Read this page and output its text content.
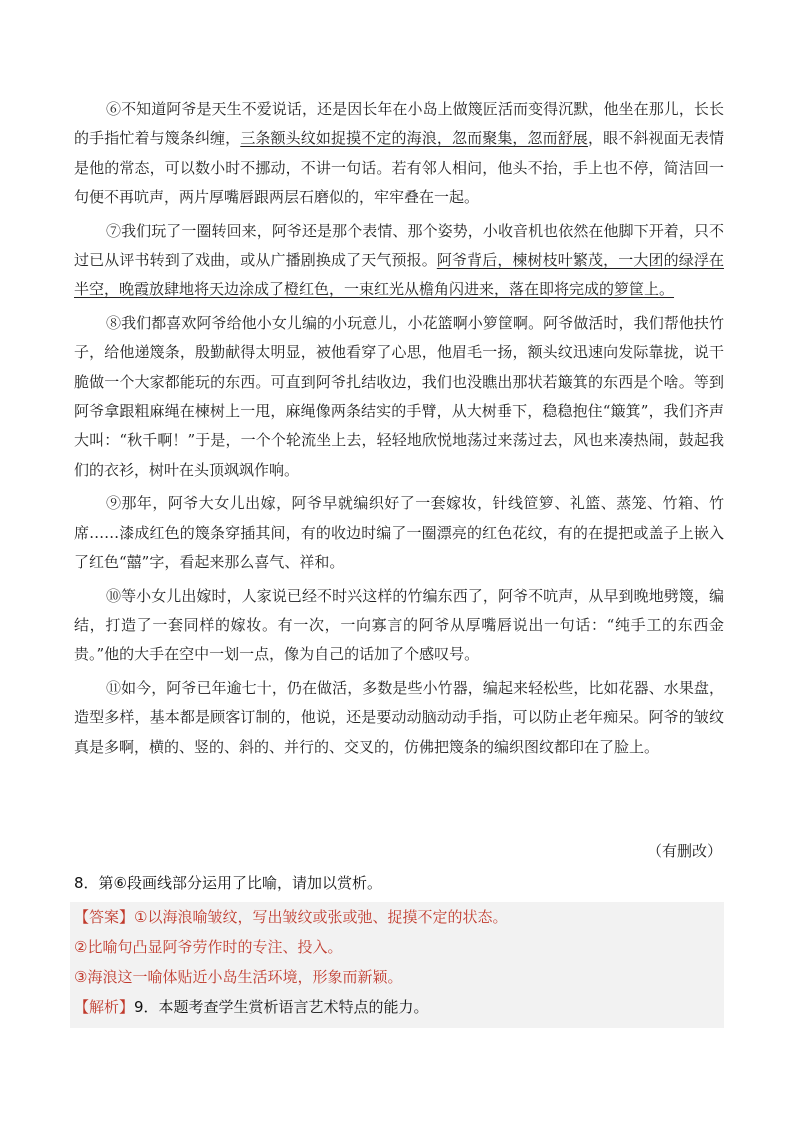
⑥不知道阿爷是天生不爱说话，还是因长年在小岛上做篾匠活而变得沉默，他坐在那儿，长长的手指忙着与篾条纠缠，三条额头纹如捉摸不定的海浪，忽而聚集，忽而舒展，眼不斜视面无表情是他的常态，可以数小时不挪动，不讲一句话。若有邻人相问，他头不抬，手上也不停，简洁回一句便不再吭声，两片厚嘴唇跟两层石磨似的，牢牢叠在一起。

⑦我们玩了一圈转回来，阿爷还是那个表情、那个姿势，小收音机也依然在他脚下开着，只不过已从评书转到了戏曲，或从广播剧换成了天气预报。阿爷背后，楝树枝叶繁茂，一大团的绿浮在半空，晚霞放肆地将天边涂成了橙红色，一束红光从檐角闪进来，落在即将完成的箩筐上。

⑧我们都喜欢阿爷给他小女儿编的小玩意儿，小花篮啊小箩筐啊。阿爷做活时，我们帮他扶竹子，给他递篾条，殷勤献得太明显，被他看穿了心思，他眉毛一扬，额头纹迅速向发际靠拢，说干脆做一个大家都能玩的东西。可直到阿爷扎结收边，我们也没瞧出那状若簸箕的东西是个啥。等到阿爷拿跟粗麻绳在楝树上一甩，麻绳像两条结实的手臂，从大树垂下，稳稳抱住“簸箕”，我们齐声大叫：“秋千啊！”于是，一个个轮流坐上去，轻轻地欣悦地荡过来荡过去，风也来凑热闹，鼓起我们的衣衫，树叶在头顶飒飒作响。

⑨那年，阿爷大女儿出嫁，阿爷早就编织好了一套嫁妆，针线笸箩、礼篮、蒸笼、竹箱、竹席……漆成红色的篾条穿插其间，有的收边时编了一圈漂亮的红色花纹，有的在提把或盖子上嵌入了红色“囍”字，看起来那么喜气、祥和。

⑩等小女儿出嫁时，人家说已经不时兴这样的竹编东西了，阿爷不吭声，从早到晚地劈篾，编结，打造了一套同样的嫁妆。有一次，一向寡言的阿爷从厚嘴唇说出一句话：“纯手工的东西金贵。”他的大手在空中一划一点，像为自己的话加了个感叹号。

⑪如今，阿爷已年逾七十，仍在做活，多数是些小竹器，编起来轻松些，比如花器、水果盘，造型多样，基本都是顾客订制的，他说，还是要动动脑动动手指，可以防止老年痴呆。阿爷的皱纹真是多啊，横的、竖的、斜的、并行的、交叉的，仿佛把篾条的编织图纹都印在了脸上。

（有删改）
8．第⑥段画线部分运用了比喻，请加以赏析。
【答案】①以海浪喻皱纹，写出皱纹或张或弛、捉摸不定的状态。
②比喻句凸显阿爷劳作时的专注、投入。
③海浪这一喻体贴近小岛生活环境，形象而新颖。
【解析】9．本题考查学生赏析语言艺术特点的能力。
